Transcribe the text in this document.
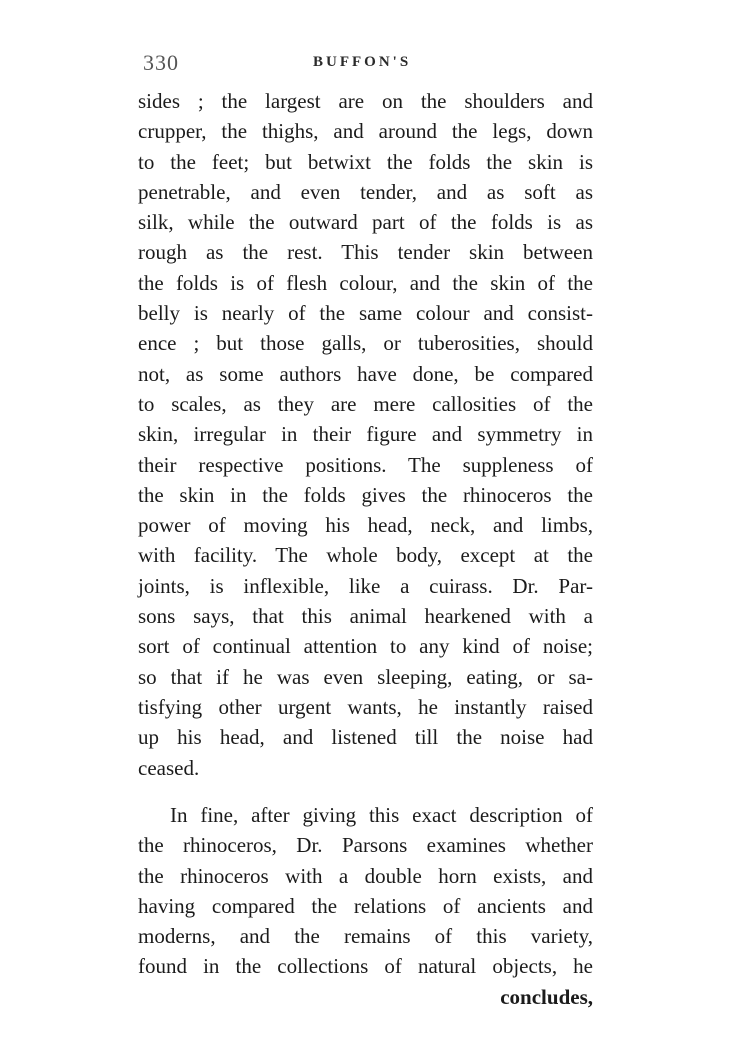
330	BUFFON'S
sides ; the largest are on the shoulders and
crupper, the thighs, and around the legs, down
to the feet; but betwixt the folds the skin is
penetrable, and even tender, and as soft as
silk, while the outward part of the folds is as
rough as the rest. This tender skin between
the folds is of flesh colour, and the skin of the
belly is nearly of the same colour and consist-
ence ; but those galls, or tuberosities, should
not, as some authors have done, be compared
to scales, as they are mere callosities of the
skin, irregular in their figure and symmetry in
their respective positions. The suppleness of
the skin in the folds gives the rhinoceros the
power of moving his head, neck, and limbs,
with facility. The whole body, except at the
joints, is inflexible, like a cuirass. Dr. Par-
sons says, that this animal hearkened with a
sort of continual attention to any kind of noise;
so that if he was even sleeping, eating, or sa-
tisfying other urgent wants, he instantly raised
up his head, and listened till the noise had
ceased.
In fine, after giving this exact description of
the rhinoceros, Dr. Parsons examines whether
the rhinoceros with a double horn exists, and
having compared the relations of ancients and
moderns, and the remains of this variety,
found in the collections of natural objects, he
concludes,
